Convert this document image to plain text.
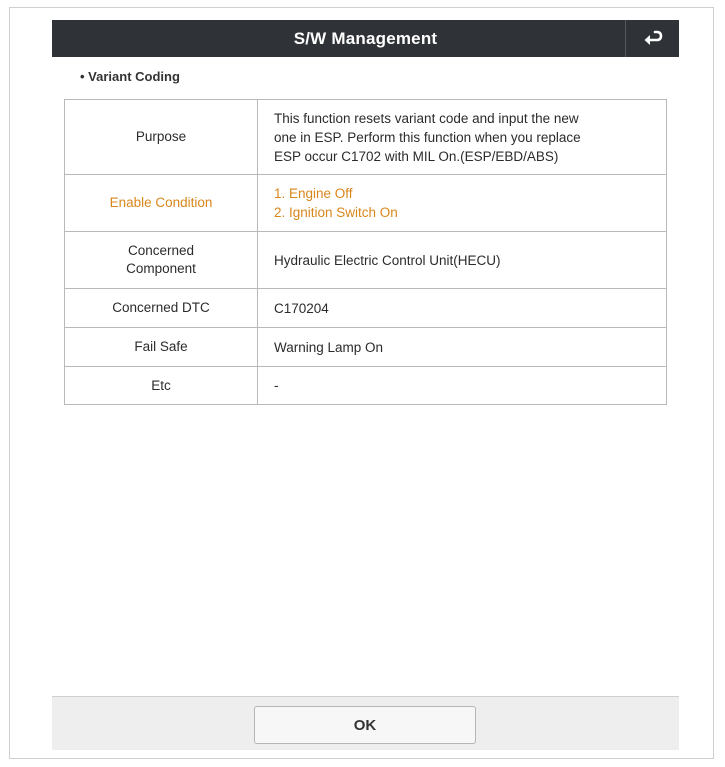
S/W Management
• Variant Coding
Purpose	This function resets variant code and input the new
one in ESP. Perform this function when you replace
ESP occur C1702 with MIL On.(ESP/EBD/ABS)

Enable Condition	1. Engine Off
2. Ignition Switch On

Concerned
Component	Hydraulic Electric Control Unit(HECU)
Concerned DTC	C170204
Fail Safe	Warning Lamp On
Etc	-
OK
